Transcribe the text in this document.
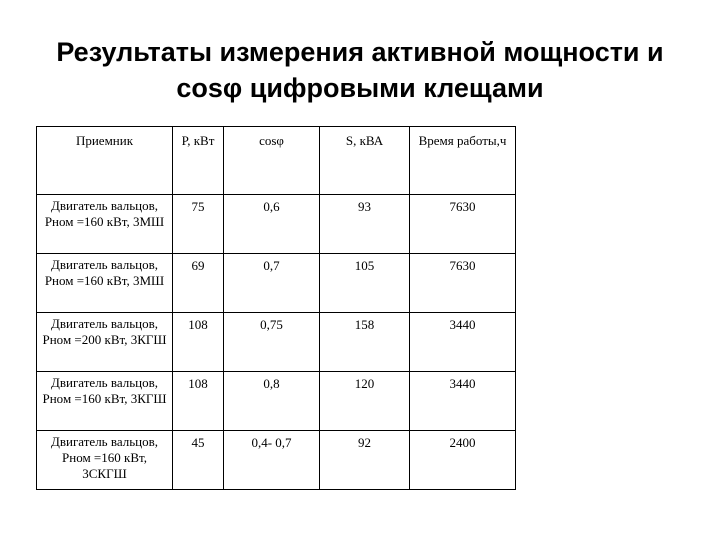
Результаты измерения активной мощности и
cosφ цифровыми клещами
Приемник	Р, кВт	cosφ	S, кВА	Время работы,ч
Двигатель вальцов, Рном =160 кВт, 3МШ	75	0,6	93	7630
Двигатель вальцов, Рном =160 кВт, 3МШ	69	0,7	105	7630
Двигатель вальцов, Рном =200 кВт, 3КГШ	108	0,75	158	3440
Двигатель вальцов, Рном =160 кВт, 3КГШ	108	0,8	120	3440
Двигатель вальцов, Рном =160 кВт, 3СКГШ	45	0,4- 0,7	92	2400
